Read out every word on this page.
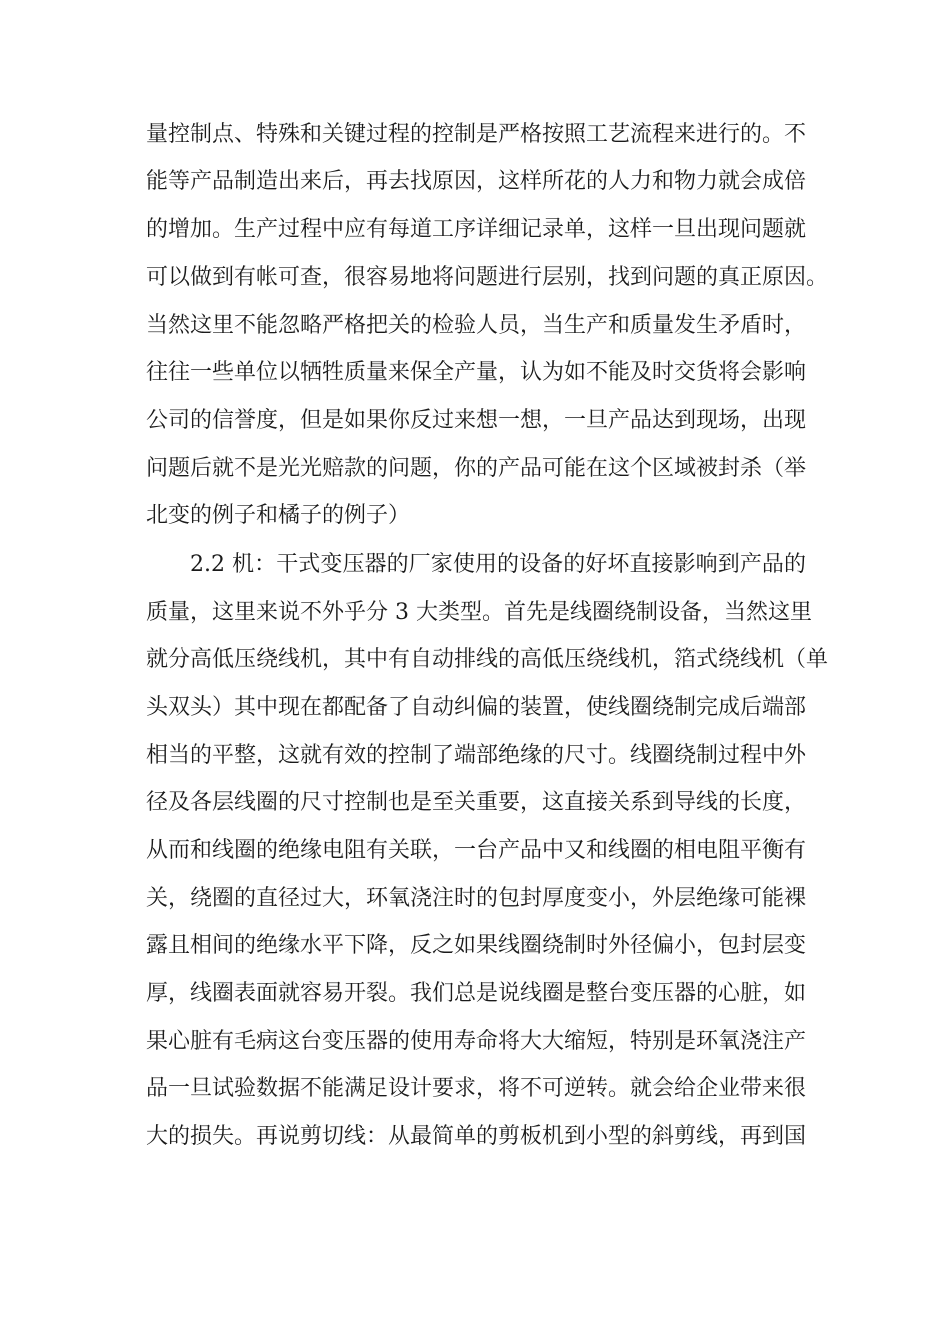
量控制点、特殊和关键过程的控制是严格按照工艺流程来进行的。不
能等产品制造出来后，再去找原因，这样所花的人力和物力就会成倍
的增加。生产过程中应有每道工序详细记录单，这样一旦出现问题就
可以做到有帐可查，很容易地将问题进行层别，找到问题的真正原因。
当然这里不能忽略严格把关的检验人员，当生产和质量发生矛盾时，
往往一些单位以牺牲质量来保全产量，认为如不能及时交货将会影响
公司的信誉度，但是如果你反过来想一想，一旦产品达到现场，出现
问题后就不是光光赔款的问题，你的产品可能在这个区域被封杀（举
北变的例子和橘子的例子）
2.2 机：干式变压器的厂家使用的设备的好坏直接影响到产品的
质量，这里来说不外乎分 3 大类型。首先是线圈绕制设备，当然这里
就分高低压绕线机，其中有自动排线的高低压绕线机，箔式绕线机（单
头双头）其中现在都配备了自动纠偏的装置，使线圈绕制完成后端部
相当的平整，这就有效的控制了端部绝缘的尺寸。线圈绕制过程中外
径及各层线圈的尺寸控制也是至关重要，这直接关系到导线的长度，
从而和线圈的绝缘电阻有关联，一台产品中又和线圈的相电阻平衡有
关，绕圈的直径过大，环氧浇注时的包封厚度变小，外层绝缘可能裸
露且相间的绝缘水平下降，反之如果线圈绕制时外径偏小，包封层变
厚，线圈表面就容易开裂。我们总是说线圈是整台变压器的心脏，如
果心脏有毛病这台变压器的使用寿命将大大缩短，特别是环氧浇注产
品一旦试验数据不能满足设计要求，将不可逆转。就会给企业带来很
大的损失。再说剪切线：从最简单的剪板机到小型的斜剪线，再到国
